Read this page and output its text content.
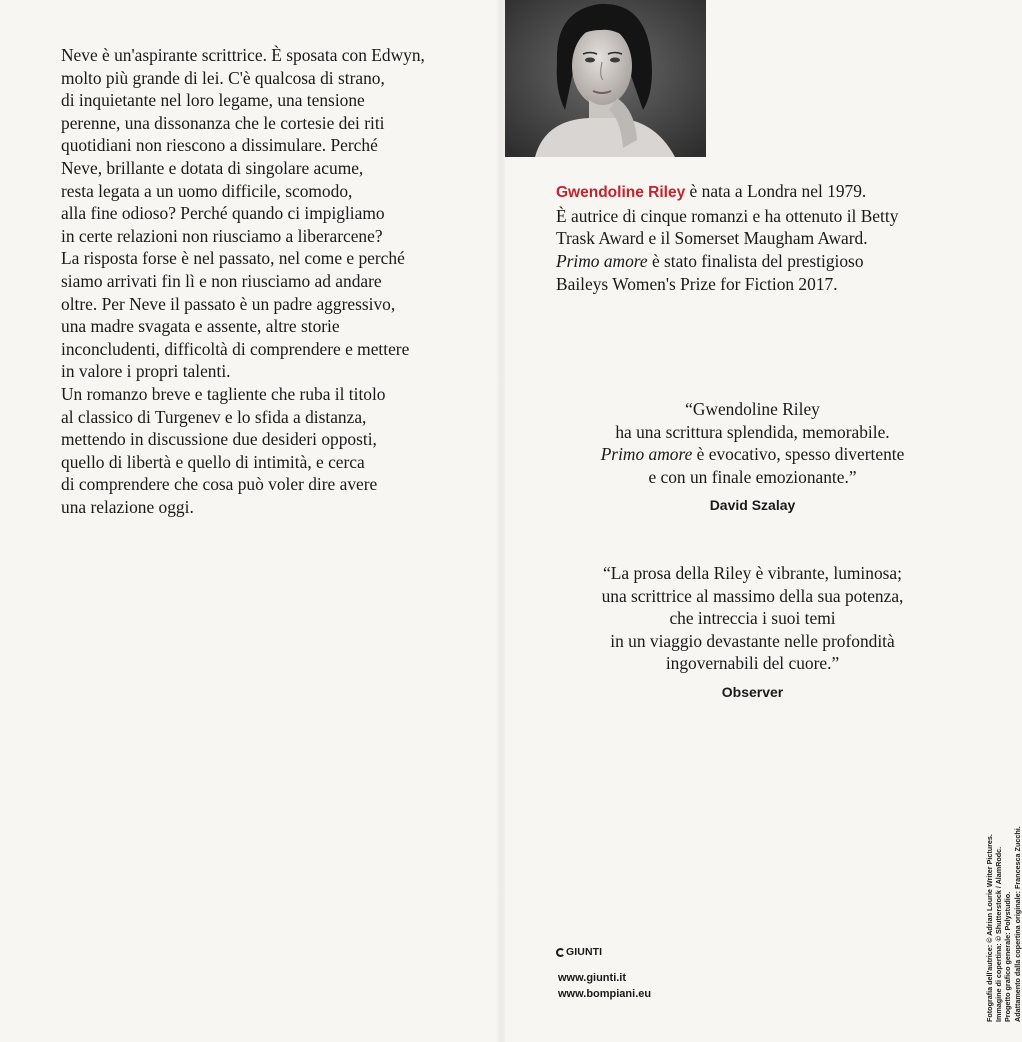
Neve è un'aspirante scrittrice. È sposata con Edwyn,

molto più grande di lei. C'è qualcosa di strano,

di inquietante nel loro legame, una tensione

perenne, una dissonanza che le cortesie dei riti

quotidiani non riescono a dissimulare. Perché

Neve, brillante e dotata di singolare acume,

resta legata a un uomo difficile, scomodo,

alla fine odioso? Perché quando ci impigliamo

in certe relazioni non riusciamo a liberarcene?

La risposta forse è nel passato, nel come e perché

siamo arrivati fin lì e non riusciamo ad andare

oltre. Per Neve il passato è un padre aggressivo,

una madre svagata e assente, altre storie

inconcludenti, difficoltà di comprendere e mettere

in valore i propri talenti.

Un romanzo breve e tagliente che ruba il titolo

al classico di Turgenev e lo sfida a distanza,

mettendo in discussione due desideri opposti,

quello di libertà e quello di intimità, e cerca

di comprendere che cosa può voler dire avere

una relazione oggi.

Gwendoline Riley è nata a Londra nel 1979.

È autrice di cinque romanzi e ha ottenuto il Betty

Trask Award e il Somerset Maugham Award.

Primo amore è stato finalista del prestigioso

Baileys Women's Prize for Fiction 2017.

“Gwendoline Riley

ha una scrittura splendida, memorabile.

Primo amore è evocativo, spesso divertente

e con un finale emozionante.”

David Szalay

“La prosa della Riley è vibrante, luminosa;

una scrittrice al massimo della sua potenza,

che intreccia i suoi temi

in un viaggio devastante nelle profondità

ingovernabili del cuore.”

Observer

GIUNTI
www.giunti.it
www.bompiani.eu	Fotografia dell'autrice: © Adrian Lourie Writer Pictures. Immagine di copertina: © Shutterstock / AlamRodc. Progetto grafico generale: Polystudio. Adattamento dalla copertina originale: Francesca Zucchi.
